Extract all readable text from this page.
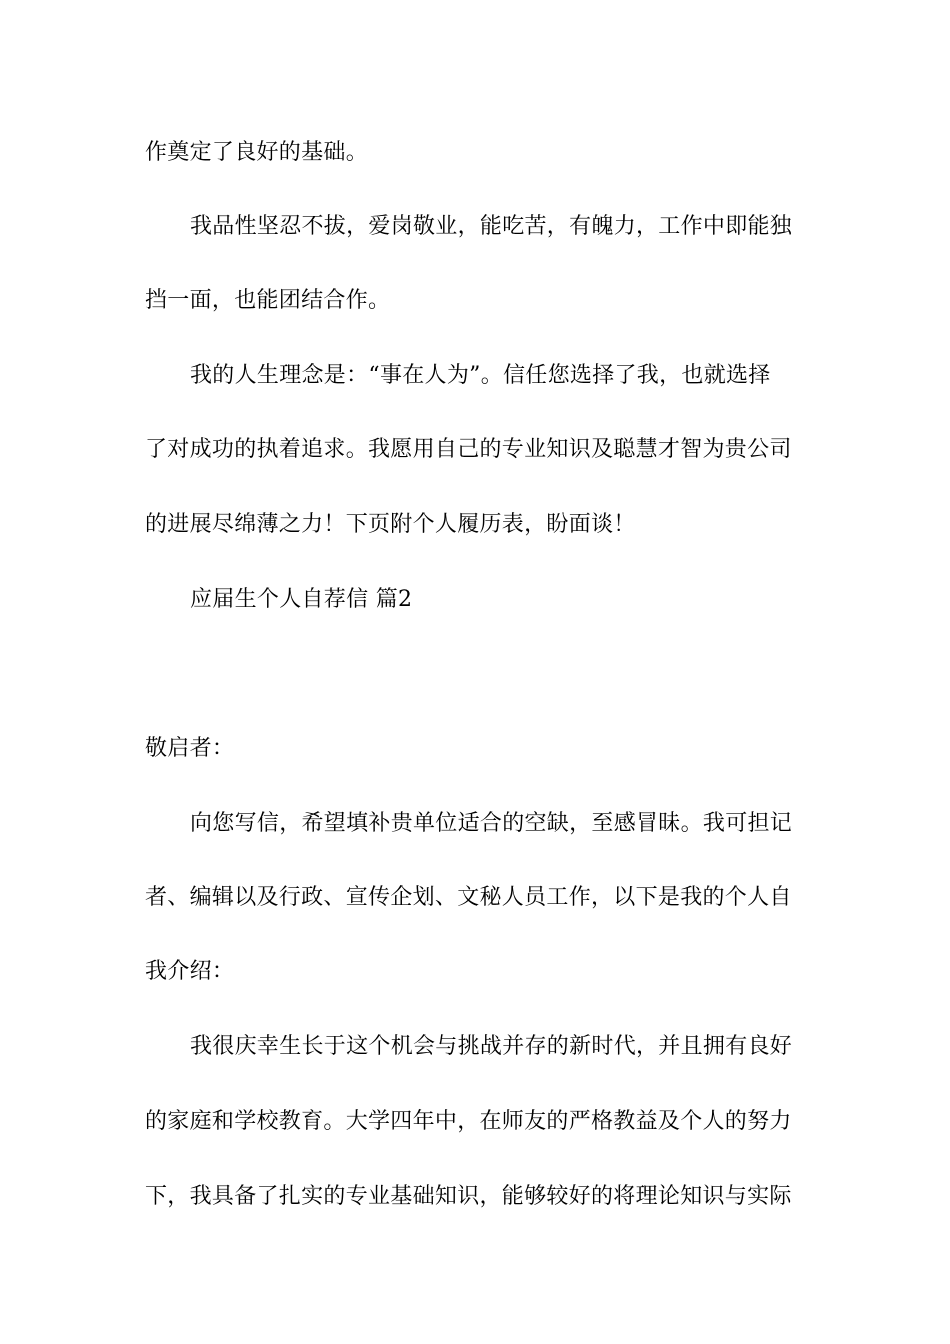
作奠定了良好的基础。
我品性坚忍不拔，爱岗敬业，能吃苦，有魄力，工作中即能独
挡一面，也能团结合作。
我的人生理念是：“事在人为”。信任您选择了我，也就选择
了对成功的执着追求。我愿用自己的专业知识及聪慧才智为贵公司
的进展尽绵薄之力！下页附个人履历表，盼面谈！
应届生个人自荐信 篇2
敬启者：
向您写信，希望填补贵单位适合的空缺，至感冒昧。我可担记
者、编辑以及行政、宣传企划、文秘人员工作，以下是我的个人自
我介绍：
我很庆幸生长于这个机会与挑战并存的新时代，并且拥有良好
的家庭和学校教育。大学四年中，在师友的严格教益及个人的努力
下，我具备了扎实的专业基础知识，能够较好的将理论知识与实际
